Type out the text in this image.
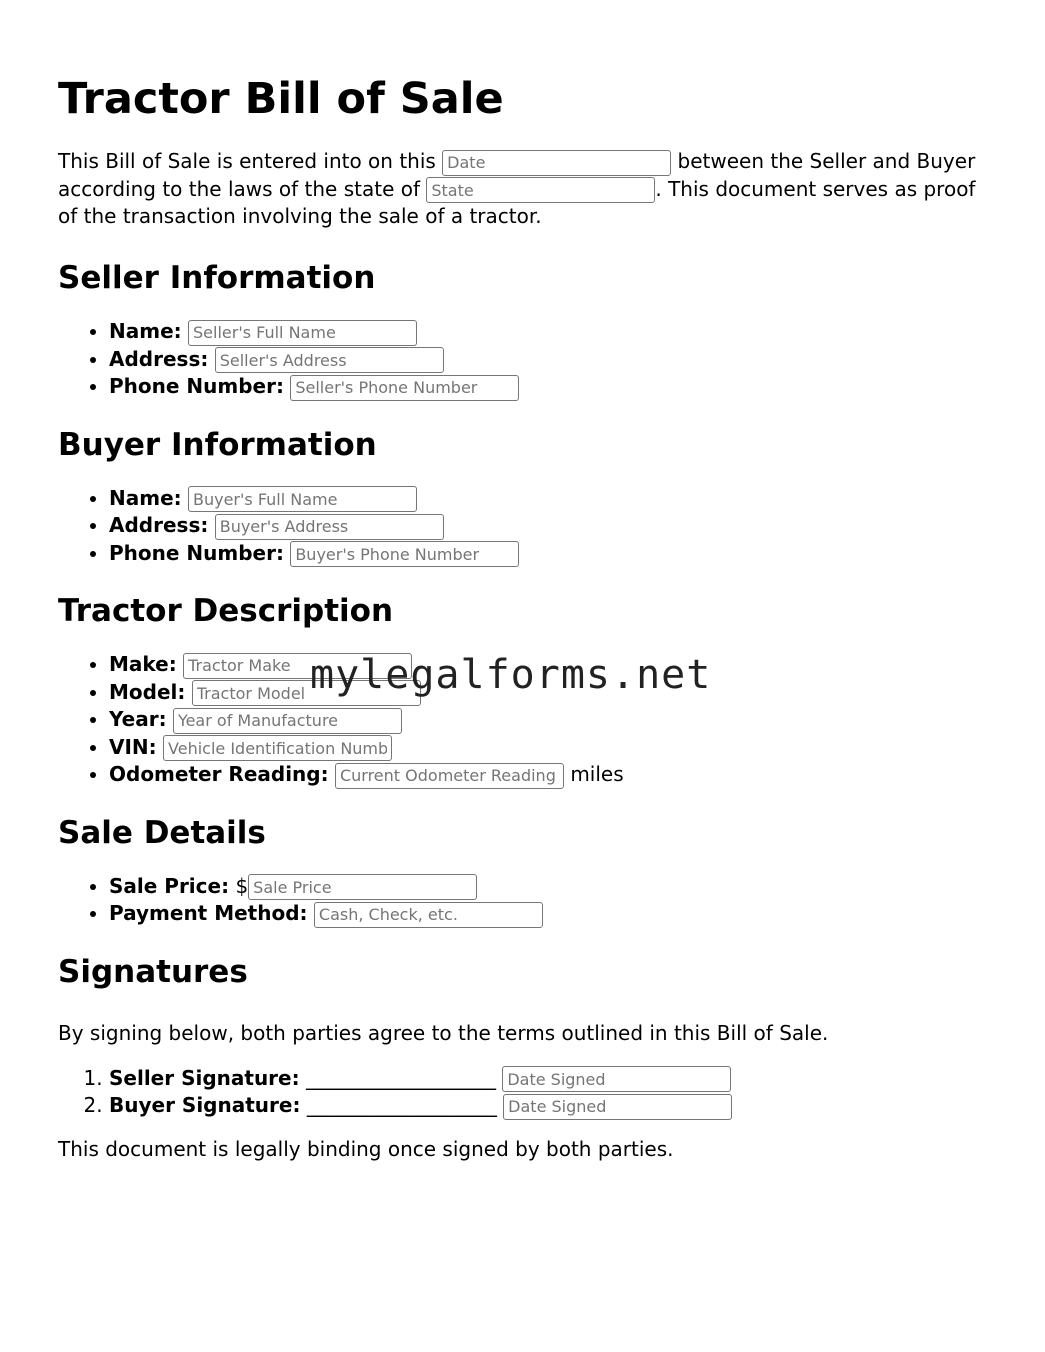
Tractor Bill of Sale

This Bill of Sale is entered into on this Date	between the Seller and Buyer according to the laws of the state of State	. This document serves as proof of the transaction involving the sale of a tractor.

Seller Information
• Name: Seller's Full Name
• Address: Seller's Address
• Phone Number: Seller's Phone Number
Buyer Information
• Name: Buyer's Full Name
• Address: Buyer's Address
• Phone Number: Buyer's Phone Number
Tractor Description
• Make: Tractor Make
• Model: Tractor Model
• Year: Year of Manufacture
• VIN: Vehicle Identification Number
• Odometer Reading: Current Odometer Reading	miles
Sale Details
• Sale Price: $Sale Price
• Payment Method: Cash, Check, etc.
Signatures

By signing below, both parties agree to the terms outlined in this Bill of Sale.

1. Seller Signature: ___________________ Date Signed
2. Buyer Signature: ___________________ Date Signed

This document is legally binding once signed by both parties.

mylegalforms.net
